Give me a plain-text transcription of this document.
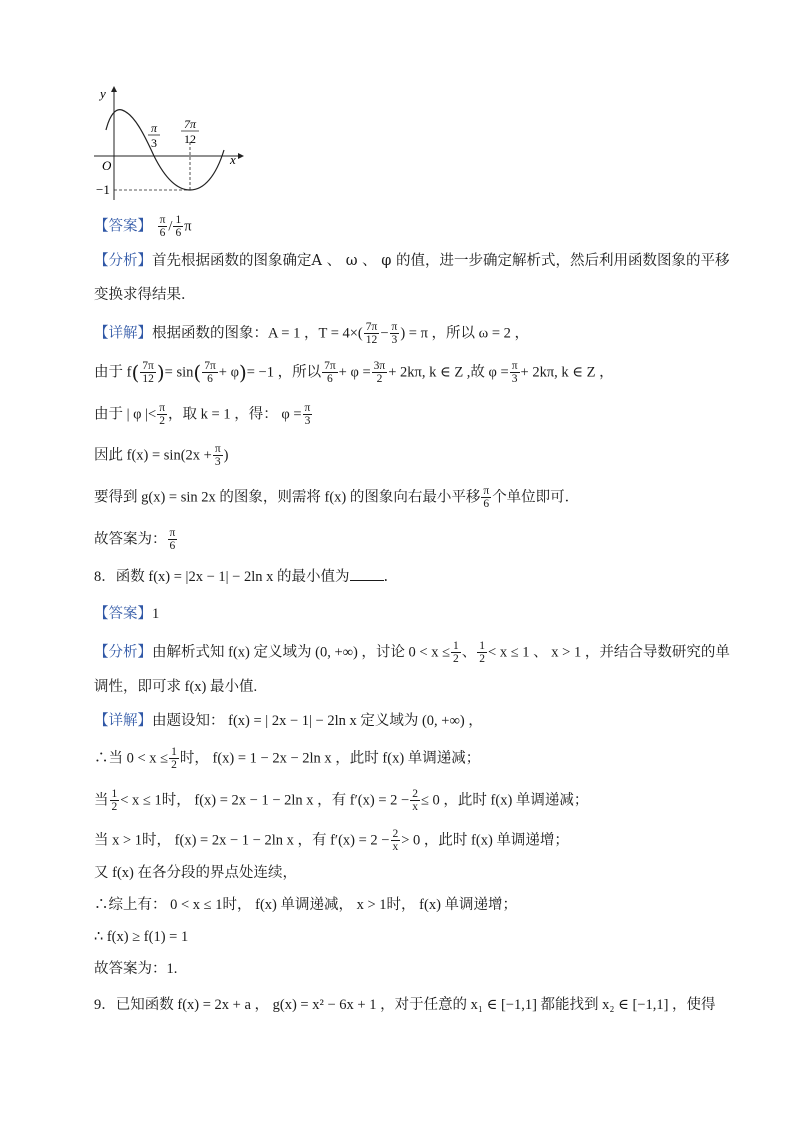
y
x
O
−1
π
3
7π
12
【答案】 $\frac{\pi}{6} / \frac{1}{6}$ π
【分析】首先根据函数的图象确定A 、 ω 、 φ 的值，进一步确定解析式，然后利用函数图象的平移
变换求得结果．
【详解】根据函数的图象：A = 1 ，$T = 4\times( \frac{7\pi}{12} - \frac{\pi}{3}$ ) = π ，所以 ω = 2 ，
由于 $f( \frac{7\pi}{12}$ )= $\sin( \frac{7\pi}{6} + \varphi)= -1$ ，所以 $\frac{7\pi}{6} + \varphi = \frac{3\pi}{2} + 2k\pi$, k ∈ Z ,故 $\varphi = \frac{\pi}{3} + 2k\pi$, k ∈ Z ，
由于 | φ |< $\frac{\pi}{2}$ ，取 k = 1 ，得： $\varphi = \frac{\pi}{3}$
因此 $f(x) = \sin(2x + \frac{\pi}{3}$ )
要得到 g(x) = sin 2x 的图象，则需将 f(x) 的图象向右最小平移 $\frac{\pi}{6}$ 个单位即可．
故答案为： $\frac{\pi}{6}$
8．函数 f(x) = |2x − 1| − 2ln x 的最小值为 .
【答案】1
【分析】由解析式知 f(x) 定义域为 (0, +∞) ，讨论 $0 < x \le \frac{1}{2}$ 、 $\frac{1}{2} < x \le 1$ 、 x > 1 ，并结合导数研究的单
调性，即可求 f(x) 最小值.
【详解】由题设知： f(x) = | 2x − 1| − 2ln x 定义域为 (0, +∞) ，
∴当 $0 < x \le \frac{1}{2}$ 时， f(x) = 1 − 2x − 2ln x ，此时 f(x) 单调递减；
当 $\frac{1}{2} < x \le 1$时， f(x) = 2x − 1 − 2ln x ，有 $f'(x) = 2 - \frac{2}{x} \le 0$ ，此时 f(x) 单调递减；
当 x > 1时， f(x) = 2x − 1 − 2ln x ，有 $f'(x) = 2 - \frac{2}{x} > 0$ ，此时 f(x) 单调递增；
又 f(x) 在各分段的界点处连续，
∴综上有： 0 < x ≤ 1时， f(x) 单调递减， x > 1时， f(x) 单调递增；
∴ f(x) ≥ f(1) = 1
故答案为：1.
9．已知函数 f(x) = 2x + a ， g(x) = x² − 6x + 1 ，对于任意的 x₁ ∈ [−1,1] 都能找到 x₂ ∈ [−1,1] ，使得
